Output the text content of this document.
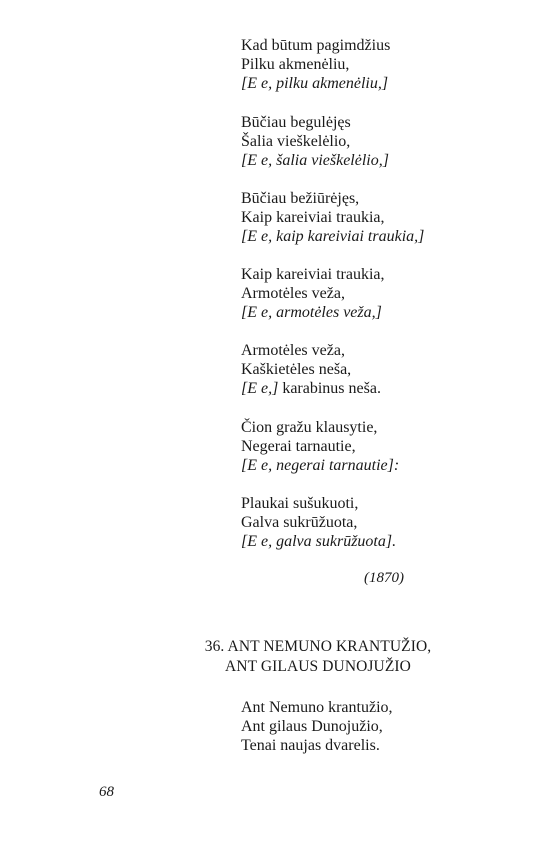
Kad būtum pagimdžius
Pilku akmenėliu,
[E e, pilku akmenėliu,]
Būčiau begulėjęs
Šalia vieškelėlio,
[E e, šalia vieškelėlio,]
Būčiau bežiūrėjęs,
Kaip kareiviai traukia,
[E e, kaip kareiviai traukia,]
Kaip kareiviai traukia,
Armotėles veža,
[E e, armotėles veža,]
Armotėles veža,
Kaškietėles neša,
[E e,] karabinus neša.
Čion gražu klausytie,
Negerai tarnautie,
[E e, negerai tarnautie]:
Plaukai sušukuoti,
Galva sukrūžuota,
[E e, galva sukrūžuota].
(1870)
36. ANT NEMUNO KRANTUŽIO,
ANT GILAUS DUNOJUŽIO
Ant Nemuno krantužio,
Ant gilaus Dunojužio,
Tenai naujas dvarelis.
68
